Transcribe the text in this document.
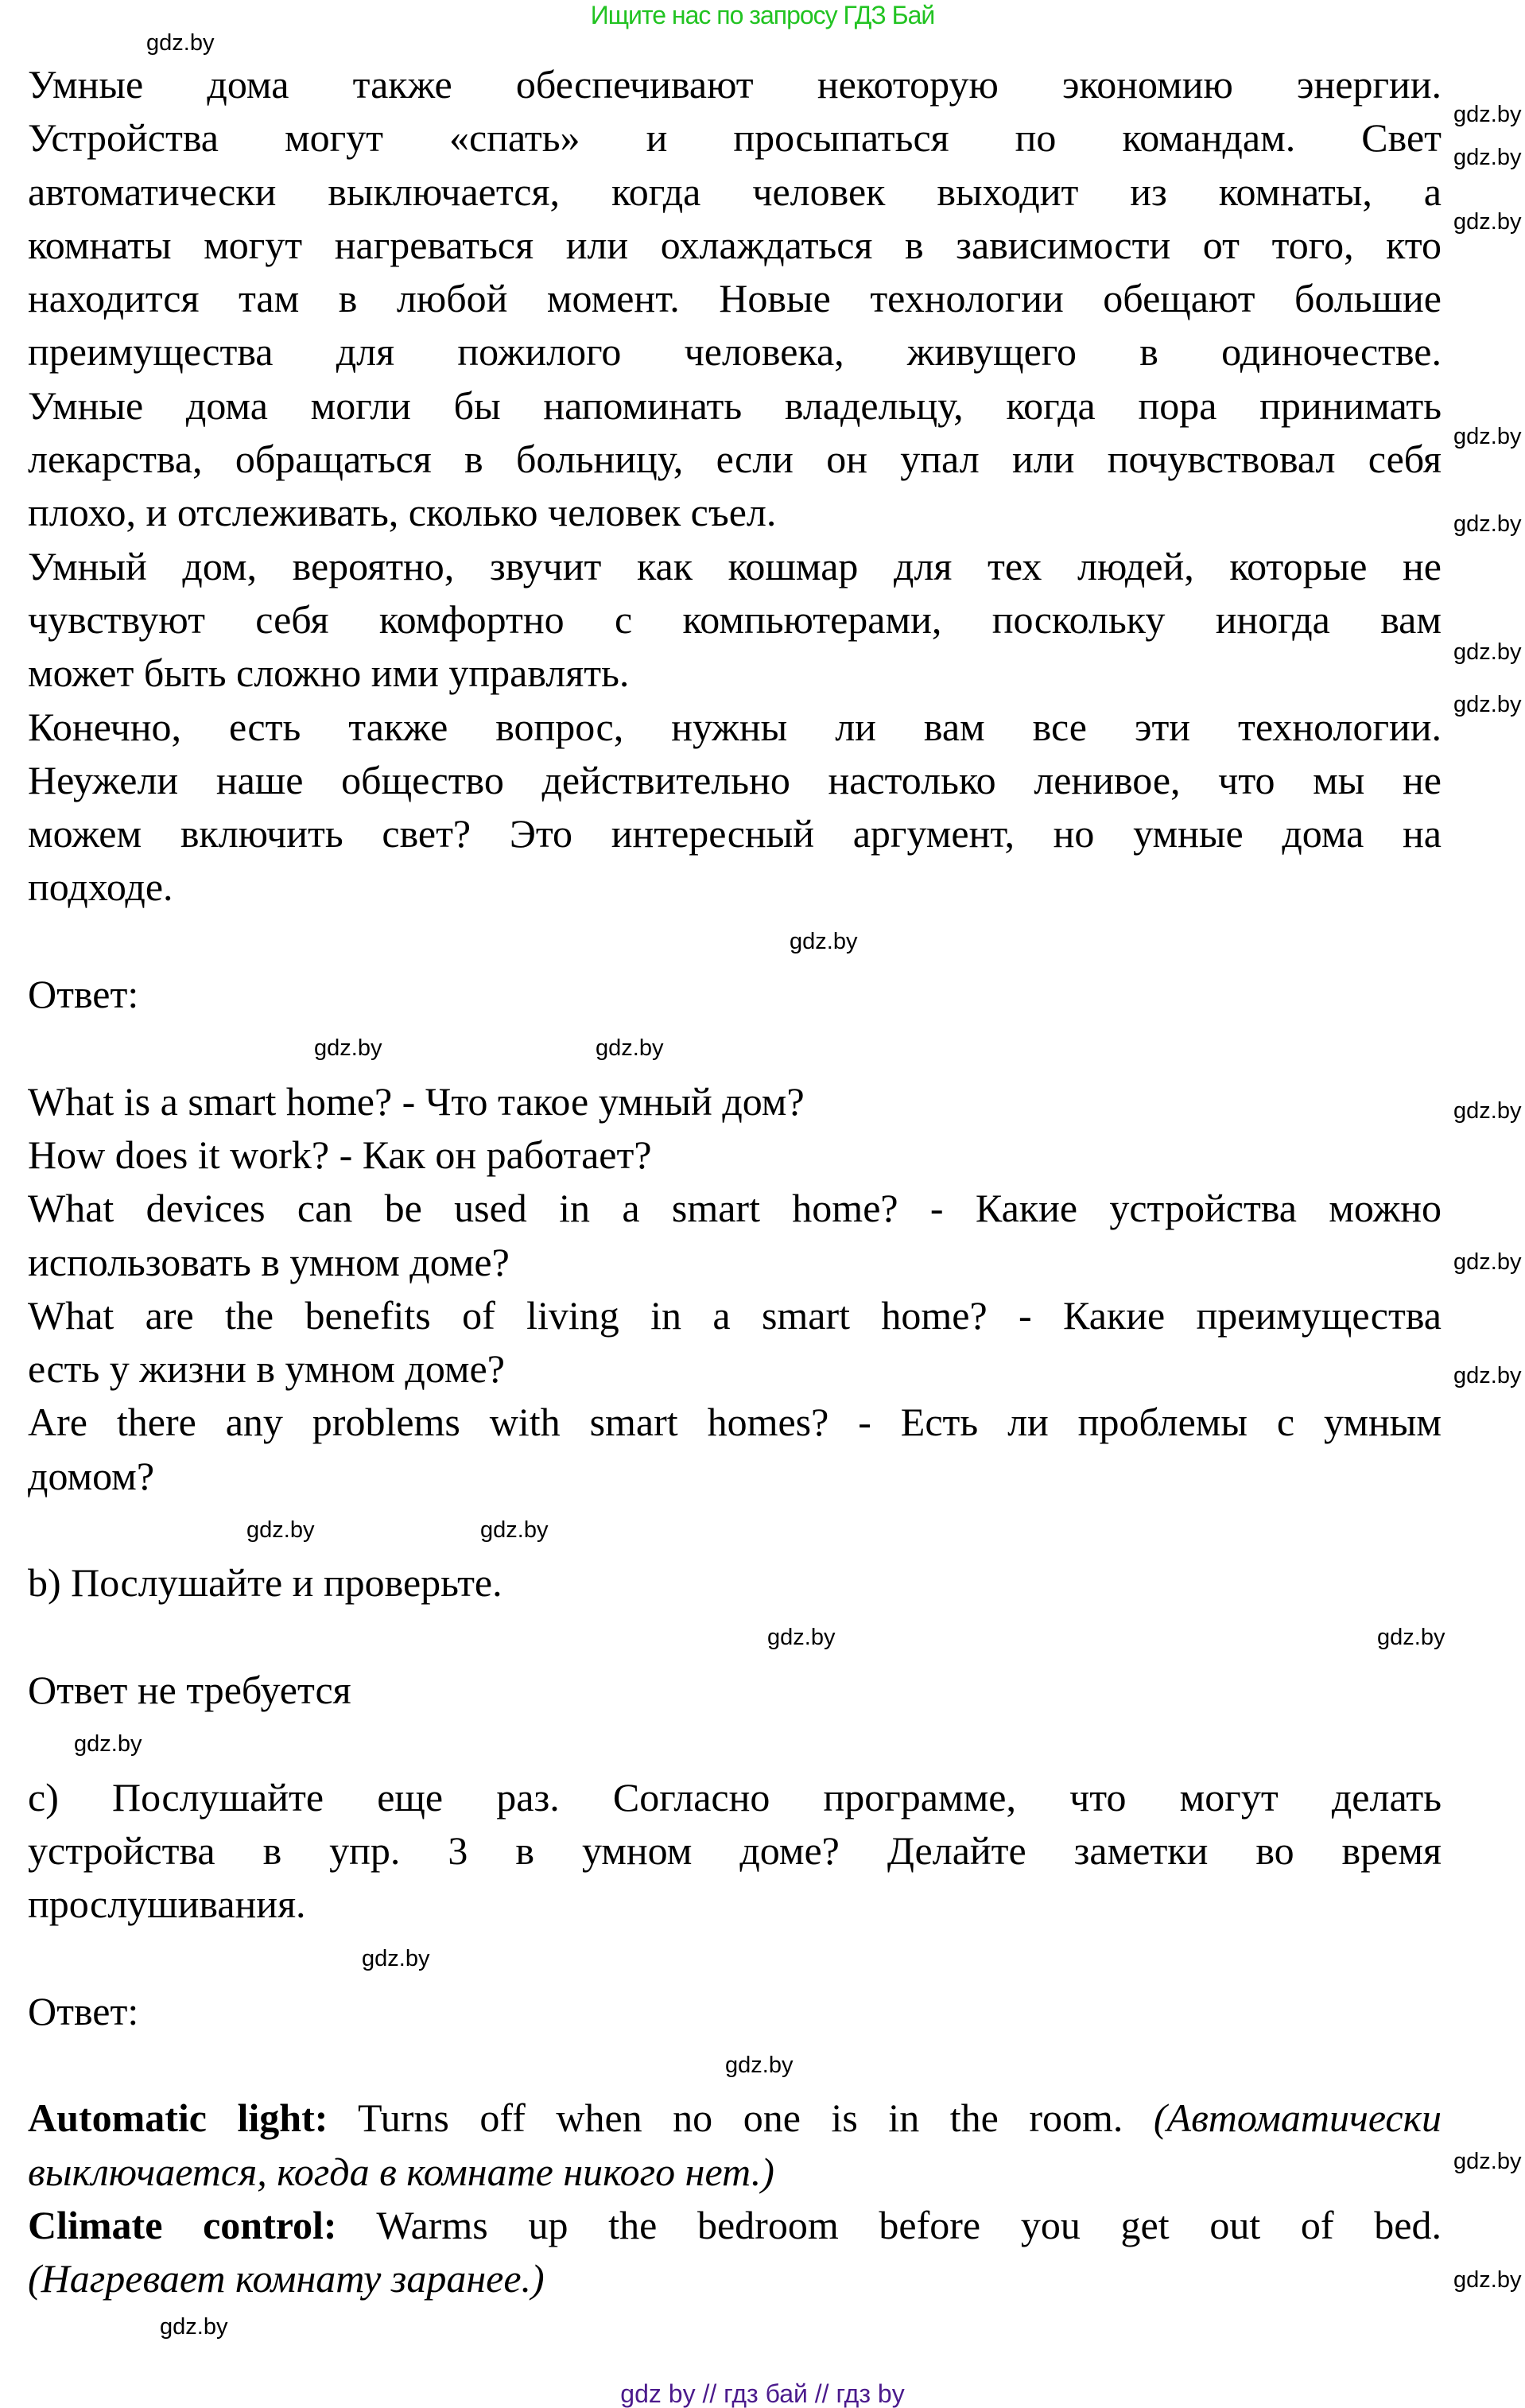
Ищите нас по запросу ГДЗ Бай
Умные дома также обеспечивают некоторую экономию энергии.
Устройства могут «спать» и просыпаться по командам. Свет
автоматически выключается, когда человек выходит из комнаты, а
комнаты могут нагреваться или охлаждаться в зависимости от того, кто
находится там в любой момент. Новые технологии обещают большие
преимущества для пожилого человека, живущего в одиночестве.
Умные дома могли бы напоминать владельцу, когда пора принимать
лекарства, обращаться в больницу, если он упал или почувствовал себя
плохо, и отслеживать, сколько человек съел.
Умный дом, вероятно, звучит как кошмар для тех людей, которые не
чувствуют себя комфортно с компьютерами, поскольку иногда вам
может быть сложно ими управлять.
Конечно, есть также вопрос, нужны ли вам все эти технологии.
Неужели наше общество действительно настолько ленивое, что мы не
можем включить свет? Это интересный аргумент, но умные дома на
подходе.
Ответ:
What is a smart home? - Что такое умный дом?
How does it work? - Как он работает?
What devices can be used in a smart home? - Какие устройства можно
использовать в умном доме?
What are the benefits of living in a smart home? - Какие преимущества
есть у жизни в умном доме?
Are there any problems with smart homes? - Есть ли проблемы с умным
домом?
b) Послушайте и проверьте.
Ответ не требуется
c) Послушайте еще раз. Согласно программе, что могут делать
устройства в упр. 3 в умном доме? Делайте заметки во время
прослушивания.
Ответ:
Automatic light: Turns off when no one is in the room. (Автоматически
выключается, когда в комнате никого нет.)
Climate control: Warms up the bedroom before you get out of bed.
(Нагревает комнату заранее.)
gdz.by
gdz.by
gdz.by
gdz.by
gdz.by
gdz.by
gdz.by
gdz.by
gdz.by
gdz.by
gdz.by
gdz.by
gdz.by
gdz.by
gdz.by	gdz.by
gdz.by
gdz.by
gdz.by
gdz.by
gdz.by
gdz.by
gdz.by
gdz.by
gdz by // гдз бай // гдз by
